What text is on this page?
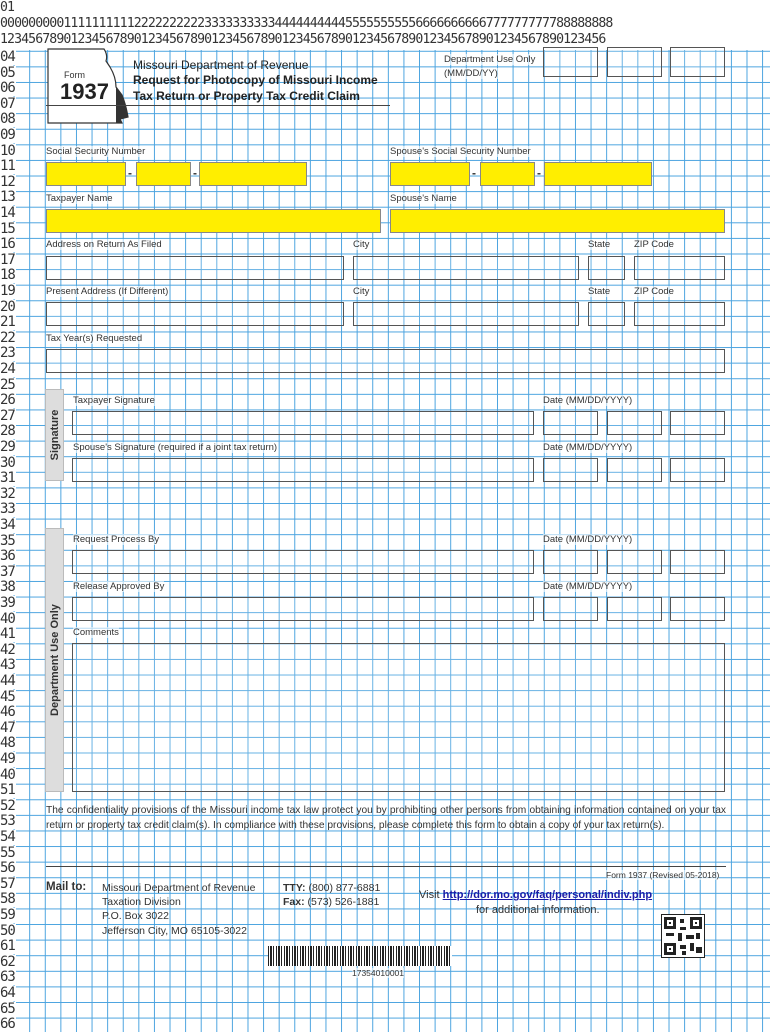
01
000000000111111111122222222223333333333444444444455555555556666666666777777777788888888
12345678901234567890123456789012345678901234567890123456789012345678901234567890123456
04
05
06
07
08
09
10
11
12
13
14
15
16
17
18
19
20
21
22
23
24
25
26
27
28
29
30
31
32
33
34
35
36
37
38
39
40
41
42
43
44
45
46
47
48
49
40
51
52
53
54
55
56
57
58
59
50
61
62
63
64
65
66
Form
1937
Missouri Department of Revenue
Request for Photocopy of Missouri Income
Tax Return or Property Tax Credit Claim
Department Use Only
(MM/DD/YY)
Social Security Number
-	-
Spouse's Social Security Number
-	-
Taxpayer Name	Spouse's Name
Address on Return As Filed	City	State	ZIP Code
Present Address (If Different)	City	State	ZIP Code
Tax Year(s) Requested
Signature
Taxpayer Signature	Date (MM/DD/YYYY)
Spouse's Signature (required if a joint tax return)	Date (MM/DD/YYYY)
Department Use Only
Request Process By	Date (MM/DD/YYYY)
Release Approved By	Date (MM/DD/YYYY)
Comments
The confidentiality provisions of the Missouri income tax law protect you by prohibiting other persons from obtaining information contained on your tax return or property tax credit claim(s). In compliance with these provisions, please complete this form to obtain a copy of your tax return(s).
Form 1937 (Revised 05-2018)
Mail to: Missouri Department of Revenue
Taxation Division
P.O. Box 3022
Jefferson City, MO 65105-3022
TTY: (800) 877-6881
Fax: (573) 526-1881
Visit http://dor.mo.gov/faq/personal/indiv.php
for additional information.
17354010001
